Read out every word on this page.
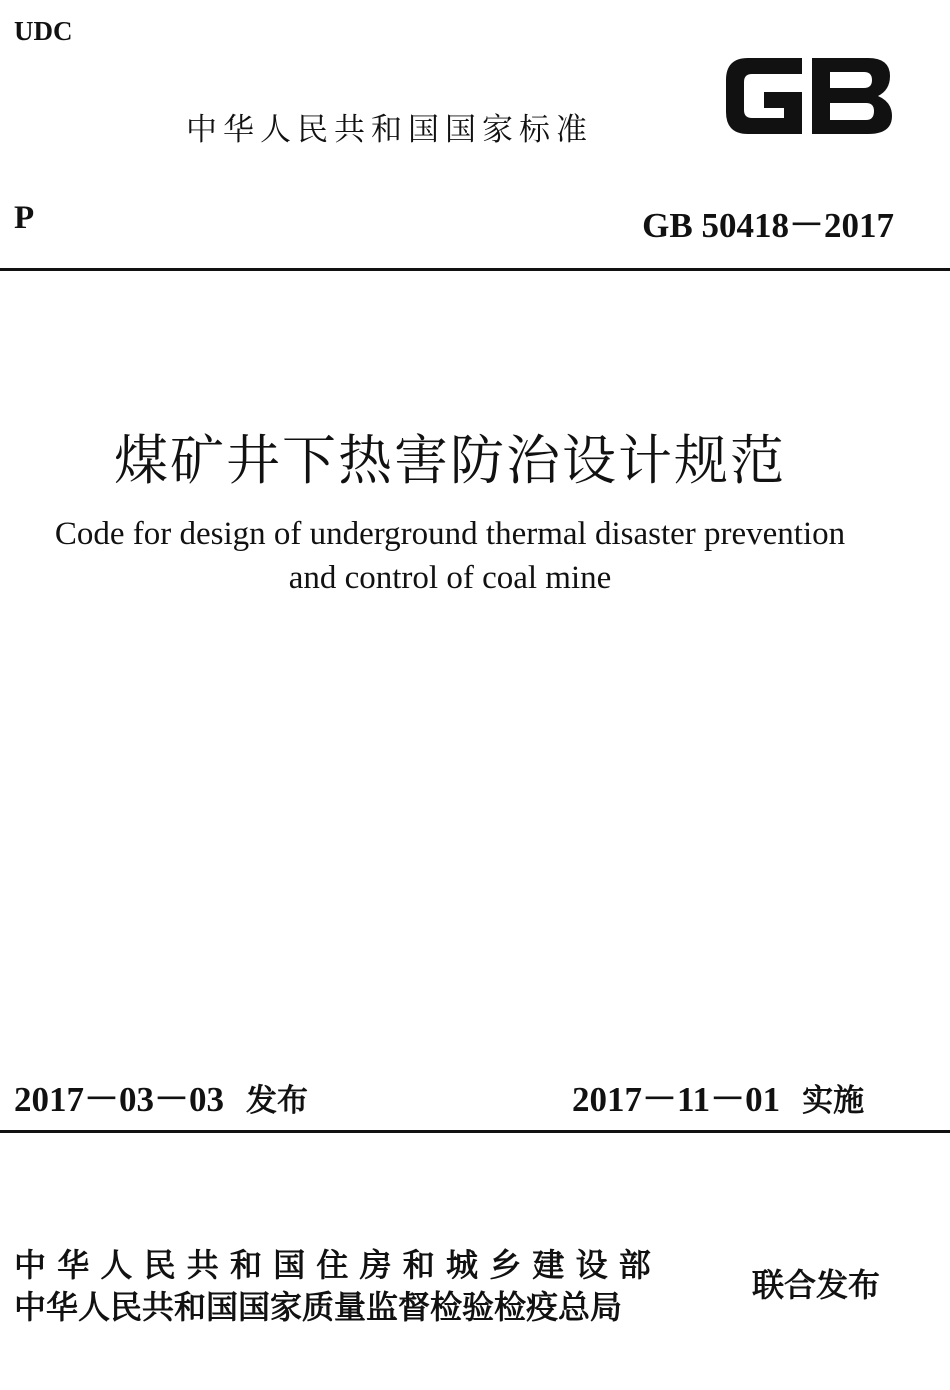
UDC
中华人民共和国国家标准
P	GB 50418－2017
煤矿井下热害防治设计规范
Code for design of underground thermal disaster prevention
and control of coal mine
2017－03－03 发布	2017－11－01 实施
中华人民共和国住房和城乡建设部
中华人民共和国国家质量监督检验检疫总局
联合发布
